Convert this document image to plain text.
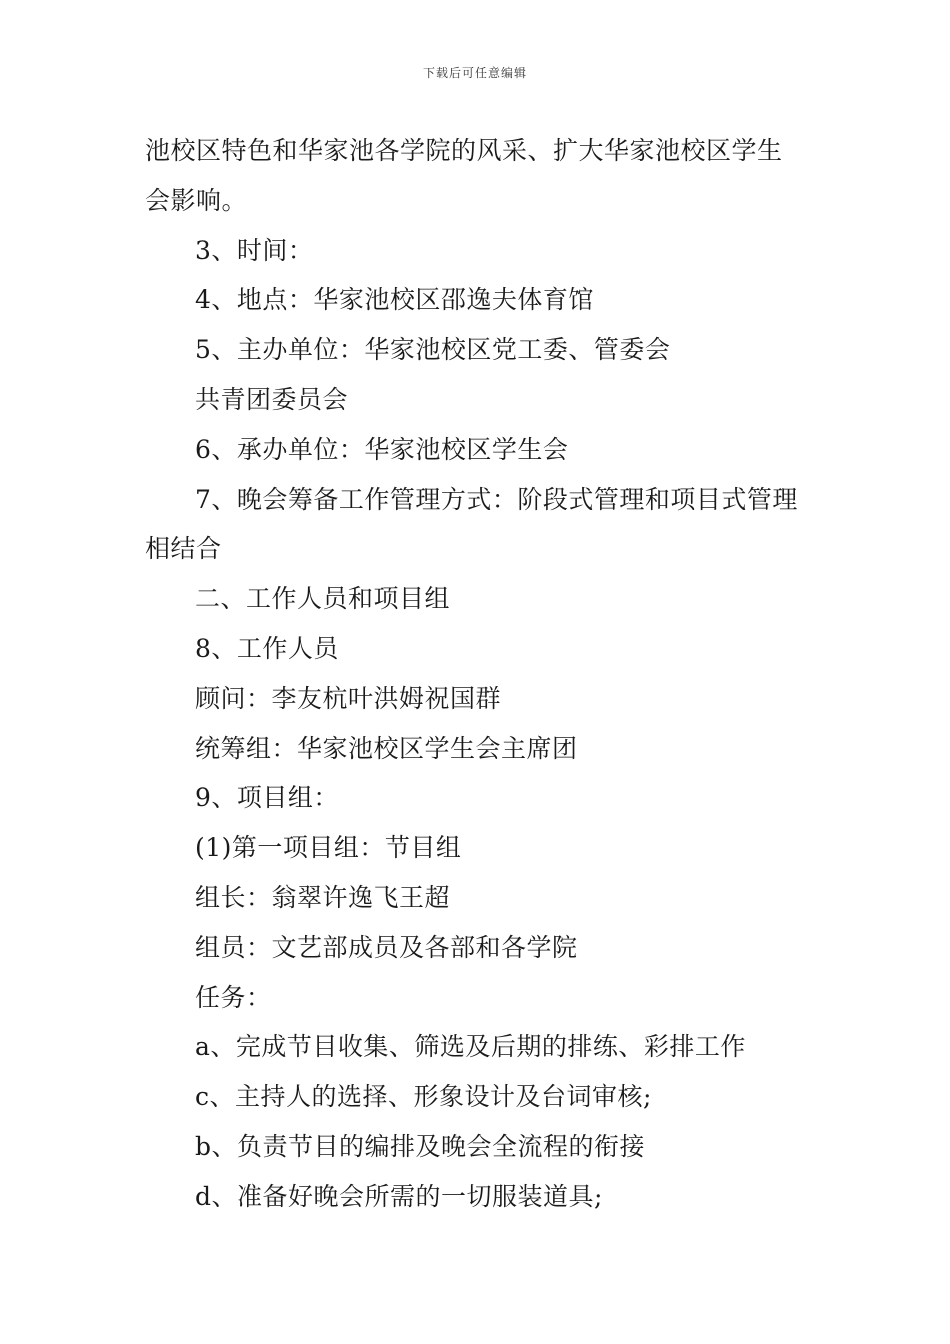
下载后可任意编辑
池校区特色和华家池各学院的风采、扩大华家池校区学生
会影响。
3、时间：
4、地点：华家池校区邵逸夫体育馆
5、主办单位：华家池校区党工委、管委会
共青团委员会
6、承办单位：华家池校区学生会
7、晚会筹备工作管理方式：阶段式管理和项目式管理
相结合
二、工作人员和项目组
8、工作人员
顾问：李友杭叶洪姆祝国群
统筹组：华家池校区学生会主席团
9、项目组：
(1)第一项目组：节目组
组长：翁翠许逸飞王超
组员：文艺部成员及各部和各学院
任务：
a、完成节目收集、筛选及后期的排练、彩排工作
c、主持人的选择、形象设计及台词审核;
b、负责节目的编排及晚会全流程的衔接
d、准备好晚会所需的一切服装道具;
